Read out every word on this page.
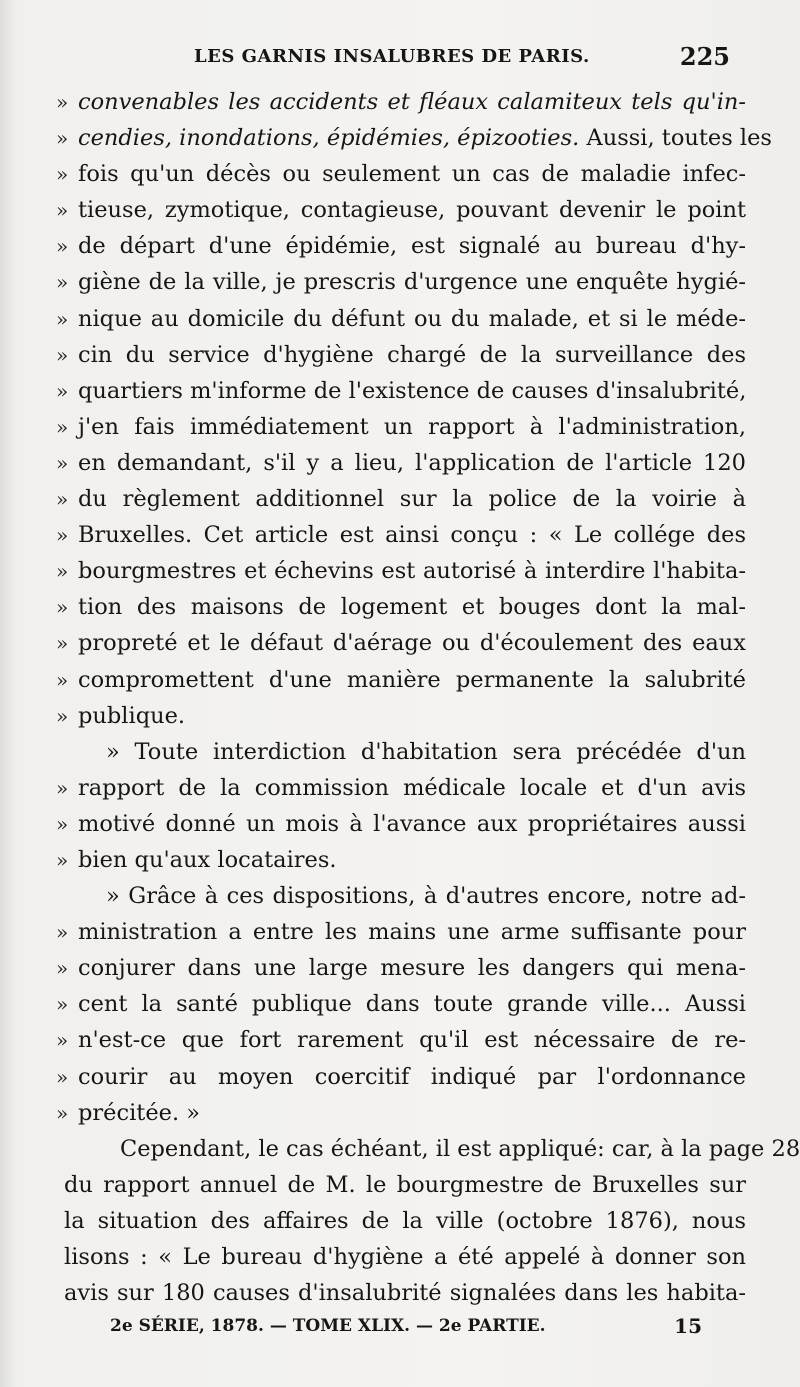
LES GARNIS INSALUBRES DE PARIS.	225
» convenables les accidents et fléaux calamiteux tels qu'in-
» cendies, inondations, épidémies, épizooties. Aussi, toutes les
» fois qu'un décès ou seulement un cas de maladie infec-
» tieuse, zymotique, contagieuse, pouvant devenir le point
» de départ d'une épidémie, est signalé au bureau d'hy-
» giène de la ville, je prescris d'urgence une enquête hygié-
» nique au domicile du défunt ou du malade, et si le méde-
» cin du service d'hygiène chargé de la surveillance des
» quartiers m'informe de l'existence de causes d'insalubrité,
» j'en fais immédiatement un rapport à l'administration,
» en demandant, s'il y a lieu, l'application de l'article 120
» du règlement additionnel sur la police de la voirie à
» Bruxelles. Cet article est ainsi conçu : « Le collége des
» bourgmestres et échevins est autorisé à interdire l'habita-
» tion des maisons de logement et bouges dont la mal-
» propreté et le défaut d'aérage ou d'écoulement des eaux
» compromettent d'une manière permanente la salubrité
» publique.
» Toute interdiction d'habitation sera précédée d'un
» rapport de la commission médicale locale et d'un avis
» motivé donné un mois à l'avance aux propriétaires aussi
» bien qu'aux locataires.
» Grâce à ces dispositions, à d'autres encore, notre ad-
» ministration a entre les mains une arme suffisante pour
» conjurer dans une large mesure les dangers qui mena-
» cent la santé publique dans toute grande ville... Aussi
» n'est-ce que fort rarement qu'il est nécessaire de re-
» courir au moyen coercitif indiqué par l'ordonnance
» précitée. »
Cependant, le cas échéant, il est appliqué: car, à la page 28
du rapport annuel de M. le bourgmestre de Bruxelles sur
la situation des affaires de la ville (octobre 1876), nous
lisons : « Le bureau d'hygiène a été appelé à donner son
avis sur 180 causes d'insalubrité signalées dans les habita-
2e SÉRIE, 1878. — TOME XLIX. — 2e PARTIE.	15
